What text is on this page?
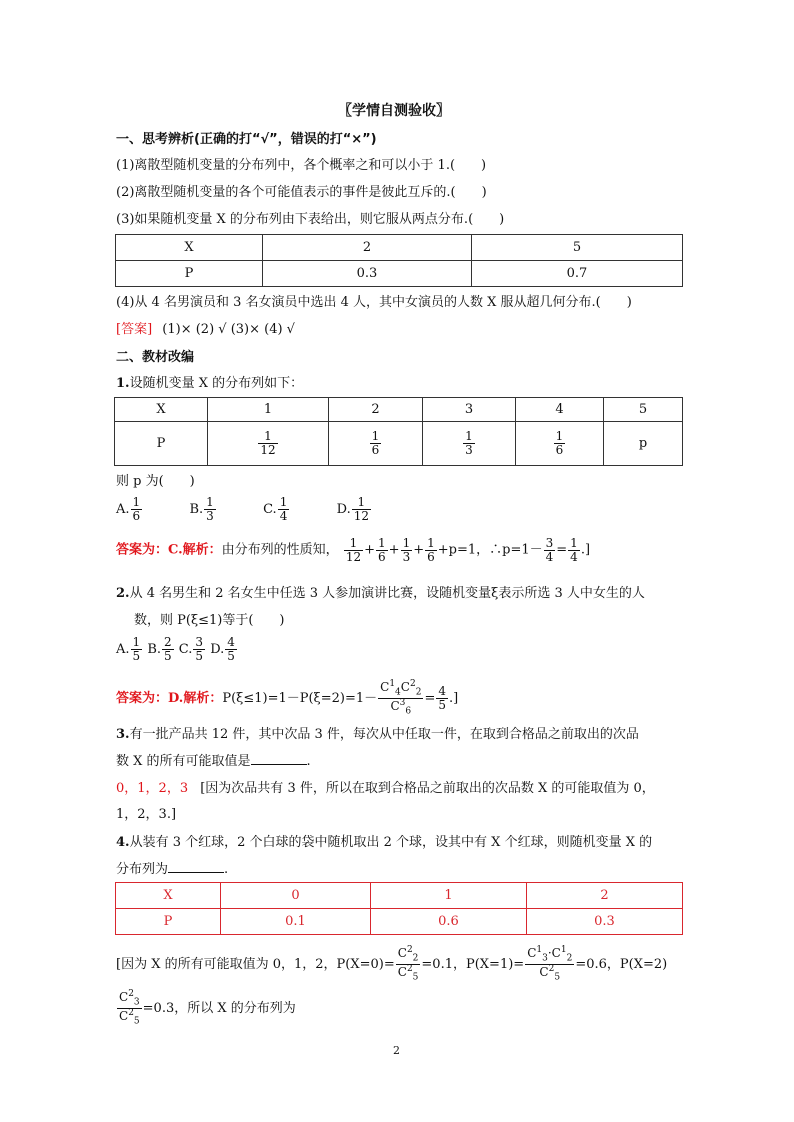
〖学情自测验收〗
一、思考辨析(正确的打“√”，错误的打“×”)
(1)离散型随机变量的分布列中，各个概率之和可以小于 1.( )
(2)离散型随机变量的各个可能值表示的事件是彼此互斥的.( )
(3)如果随机变量 X 的分布列由下表给出，则它服从两点分布.( )
X	2	5
P	0.3	0.7
(4)从 4 名男演员和 3 名女演员中选出 4 人，其中女演员的人数 X 服从超几何分布.( )
[答案] (1)× (2) √ (3)× (4) √
二、教材改编
1.设随机变量 X 的分布列如下：
X	1	2	3	4	5
P	$\frac{1}{12}$	$\frac{1}{6}$	$\frac{1}{3}$	$\frac{1}{6}$	p
则 p 为( )
A. $\frac{1}{6}$	B. $\frac{1}{3}$	C. $\frac{1}{4}$	D. $\frac{1}{12}$
答案为：C.解析：由分布列的性质知， $\frac{1}{12} + \frac{1}{6} + \frac{1}{3} + \frac{1}{6} +p=1$，∴p=1－ $\frac{3}{4} = \frac{1}{4}$ .]
2.从 4 名男生和 2 名女生中任选 3 人参加演讲比赛，设随机变量ξ表示所选 3 人中女生的人
数，则 P(ξ≤1)等于( )
A. $\frac{1}{5} B$. $\frac{2}{5} C$. $\frac{3}{5} D$. $\frac{4}{5}$
答案为：D.解析：$P(\xi\le 1)=1-P(\xi=2)=1- \frac{C^1_4C^2_2}{C^3_6} = \frac{4}{5}$ .]
3.有一批产品共 12 件，其中次品 3 件，每次从中任取一件，在取到合格品之前取出的次品
数 X 的所有可能取值是	.
0，1，2，3 [因为次品共有 3 件，所以在取到合格品之前取出的次品数 X 的可能取值为 0，
1，2，3.]
4.从装有 3 个红球，2 个白球的袋中随机取出 2 个球，设其中有 X 个红球，则随机变量 X 的
分布列为	.
X	0	1	2
P	0.1	0.6	0.3
[因为 X 的所有可能取值为 0，1，2，$P(X=0)= \frac{C^2_2}{C^2_5} =0.1$，$P(X=1)= \frac{C^1_3\cdot C^1_2}{C^2_5} =0.6$，P(X=2)
$\frac{C^2_3}{C^2_5} =0.3$，所以 X 的分布列为
2
